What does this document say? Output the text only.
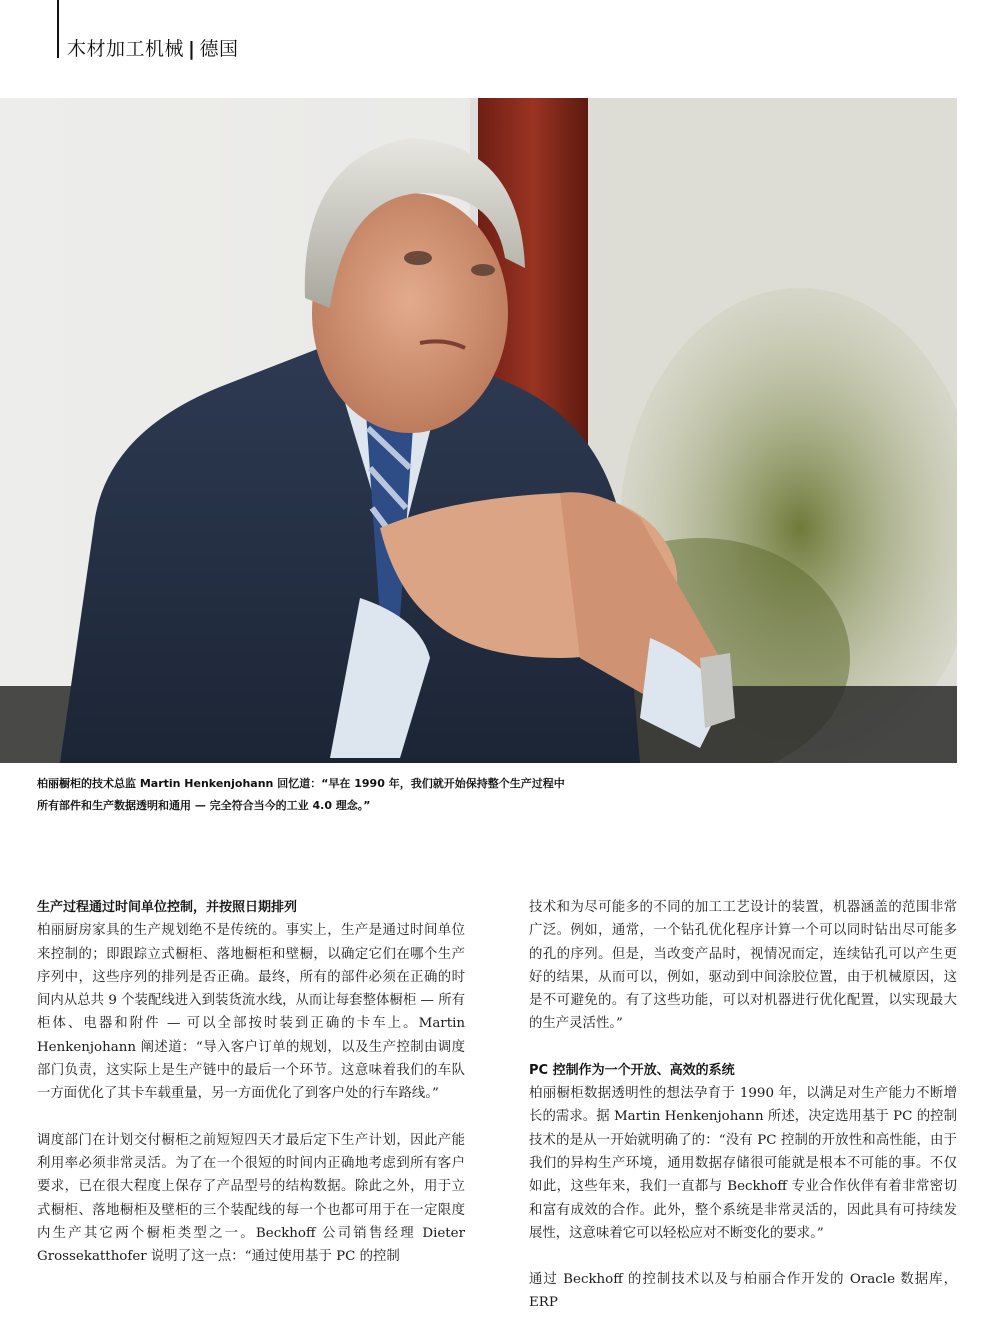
木材加工机械 | 德国

柏丽橱柜的技术总监 Martin Henkenjohann 回忆道：“早在 1990 年，我们就开始保持整个生产过程中

所有部件和生产数据透明和通用 — 完全符合当今的工业 4.0 理念。”

生产过程通过时间单位控制，并按照日期排列

柏丽厨房家具的生产规划绝不是传统的。事实上，生产是通过时间单位来控制的；即跟踪立式橱柜、落地橱柜和壁橱，以确定它们在哪个生产序列中，这些序列的排列是否正确。最终，所有的部件必须在正确的时间内从总共 9 个装配线进入到装货流水线，从而让每套整体橱柜 — 所有柜体、电器和附件 — 可以全部按时装到正确的卡车上。Martin Henkenjohann 阐述道：“导入客户订单的规划，以及生产控制由调度部门负责，这实际上是生产链中的最后一个环节。这意味着我们的车队一方面优化了其卡车载重量，另一方面优化了到客户处的行车路线。”

调度部门在计划交付橱柜之前短短四天才最后定下生产计划，因此产能利用率必须非常灵活。为了在一个很短的时间内正确地考虑到所有客户要求，已在很大程度上保存了产品型号的结构数据。除此之外，用于立式橱柜、落地橱柜及壁柜的三个装配线的每一个也都可用于在一定限度内生产其它两个橱柜类型之一。Beckhoff 公司销售经理 Dieter Grossekatthofer 说明了这一点：“通过使用基于 PC 的控制

技术和为尽可能多的不同的加工工艺设计的装置，机器涵盖的范围非常广泛。例如，通常，一个钻孔优化程序计算一个可以同时钻出尽可能多的孔的序列。但是，当改变产品时，视情况而定，连续钻孔可以产生更好的结果，从而可以，例如，驱动到中间涂胶位置，由于机械原因，这是不可避免的。有了这些功能，可以对机器进行优化配置，以实现最大的生产灵活性。”

PC 控制作为一个开放、高效的系统

柏丽橱柜数据透明性的想法孕育于 1990 年，以满足对生产能力不断增长的需求。据 Martin Henkenjohann 所述，决定选用基于 PC 的控制技术的是从一开始就明确了的：“没有 PC 控制的开放性和高性能，由于我们的异构生产环境，通用数据存储很可能就是根本不可能的事。不仅如此，这些年来，我们一直都与 Beckhoff 专业合作伙伴有着非常密切和富有成效的合作。此外，整个系统是非常灵活的，因此具有可持续发展性，这意味着它可以轻松应对不断变化的要求。”

通过 Beckhoff 的控制技术以及与柏丽合作开发的 Oracle 数据库，ERP
